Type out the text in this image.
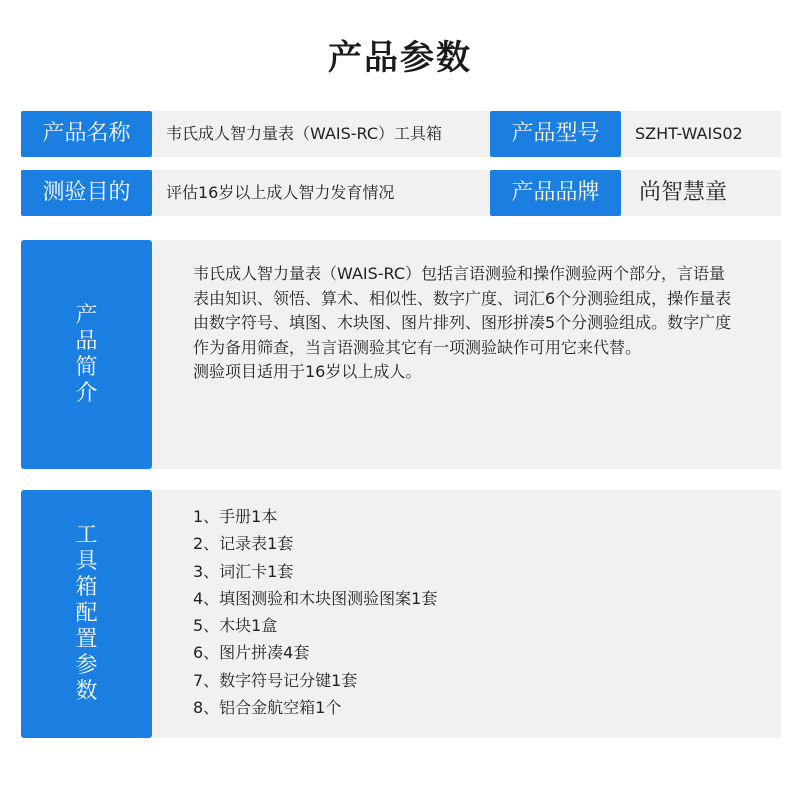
产品参数
产品名称	韦氏成人智力量表（WAIS-RC）工具箱	产品型号	SZHT-WAIS02
测验目的	评估16岁以上成人智力发育情况	产品品牌	尚智慧童
产品简介

韦氏成人智力量表（WAIS-RC）包括言语测验和操作测验两个部分，言语量表由知识、领悟、算术、相似性、数字广度、词汇6个分测验组成，操作量表由数字符号、填图、木块图、图片排列、图形拼凑5个分测验组成。数字广度作为备用筛查，当言语测验其它有一项测验缺作可用它来代替。

测验项目适用于16岁以上成人。

工具箱配置参数
1、手册1本
2、记录表1套
3、词汇卡1套
4、填图测验和木块图测验图案1套
5、木块1盒
6、图片拼凑4套
7、数字符号记分键1套
8、铝合金航空箱1个
